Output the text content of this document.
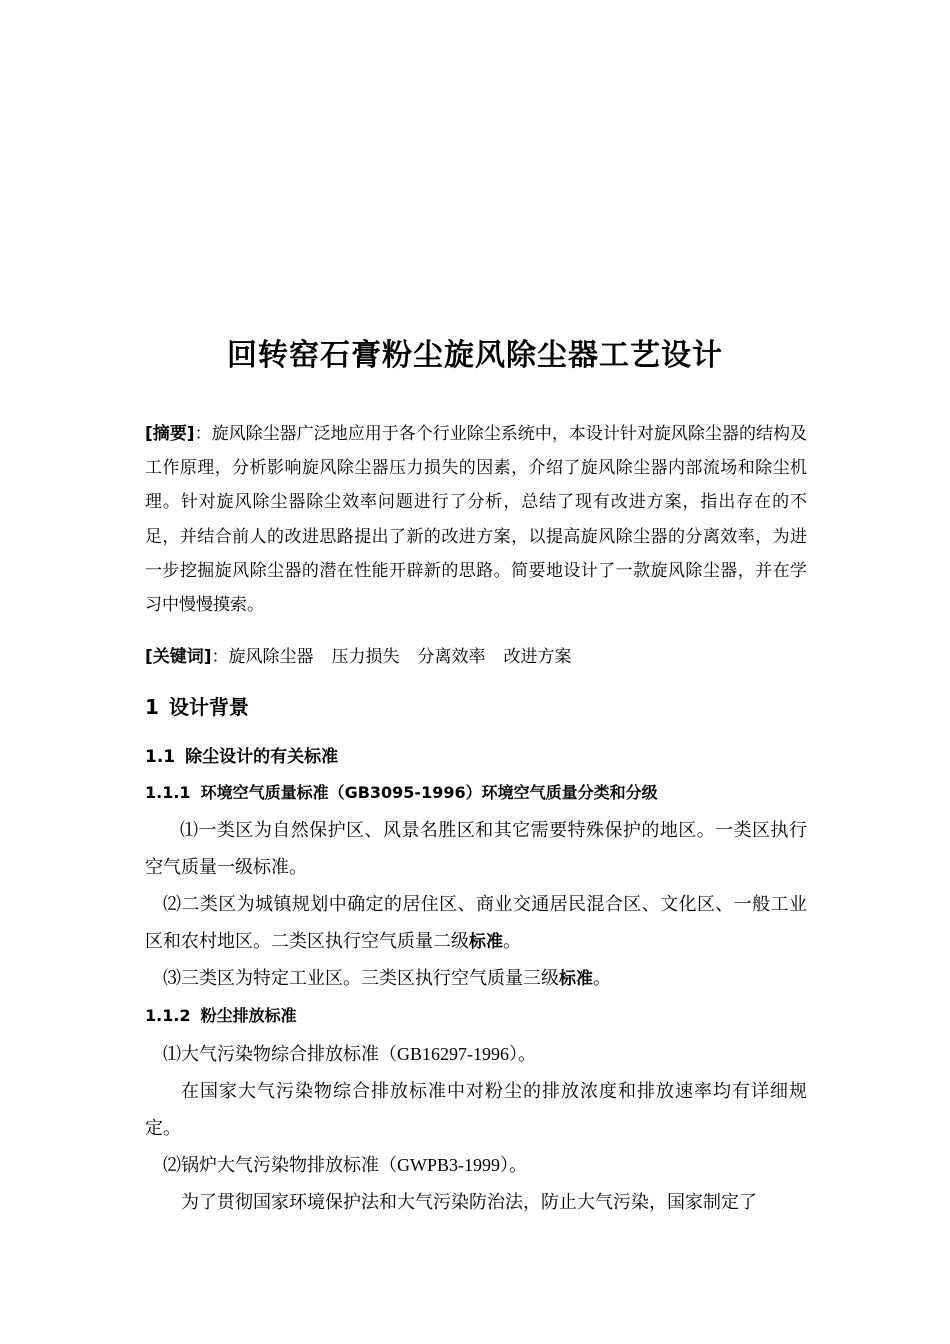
回转窑石膏粉尘旋风除尘器工艺设计

[摘要]：旋风除尘器广泛地应用于各个行业除尘系统中，本设计针对旋风除尘器的结构及工作原理，分析影响旋风除尘器压力损失的因素，介绍了旋风除尘器内部流场和除尘机理。针对旋风除尘器除尘效率问题进行了分析，总结了现有改进方案，指出存在的不足，并结合前人的改进思路提出了新的改进方案，以提高旋风除尘器的分离效率，为进一步挖掘旋风除尘器的潜在性能开辟新的思路。简要地设计了一款旋风除尘器，并在学习中慢慢摸索。

[关键词]：旋风除尘器 压力损失 分离效率 改进方案

1 设计背景
1.1 除尘设计的有关标准
1.1.1 环境空气质量标准（GB3095-1996）环境空气质量分类和分级

⑴一类区为自然保护区、风景名胜区和其它需要特殊保护的地区。一类区执行空气质量一级标准。

⑵二类区为城镇规划中确定的居住区、商业交通居民混合区、文化区、一般工业区和农村地区。二类区执行空气质量二级标准。

⑶三类区为特定工业区。三类区执行空气质量三级标准。

1.1.2 粉尘排放标准

⑴大气污染物综合排放标准（GB16297-1996）。

在国家大气污染物综合排放标准中对粉尘的排放浓度和排放速率均有详细规定。

⑵锅炉大气污染物排放标准（GWPB3-1999）。

为了贯彻国家环境保护法和大气污染防治法，防止大气污染，国家制定了
